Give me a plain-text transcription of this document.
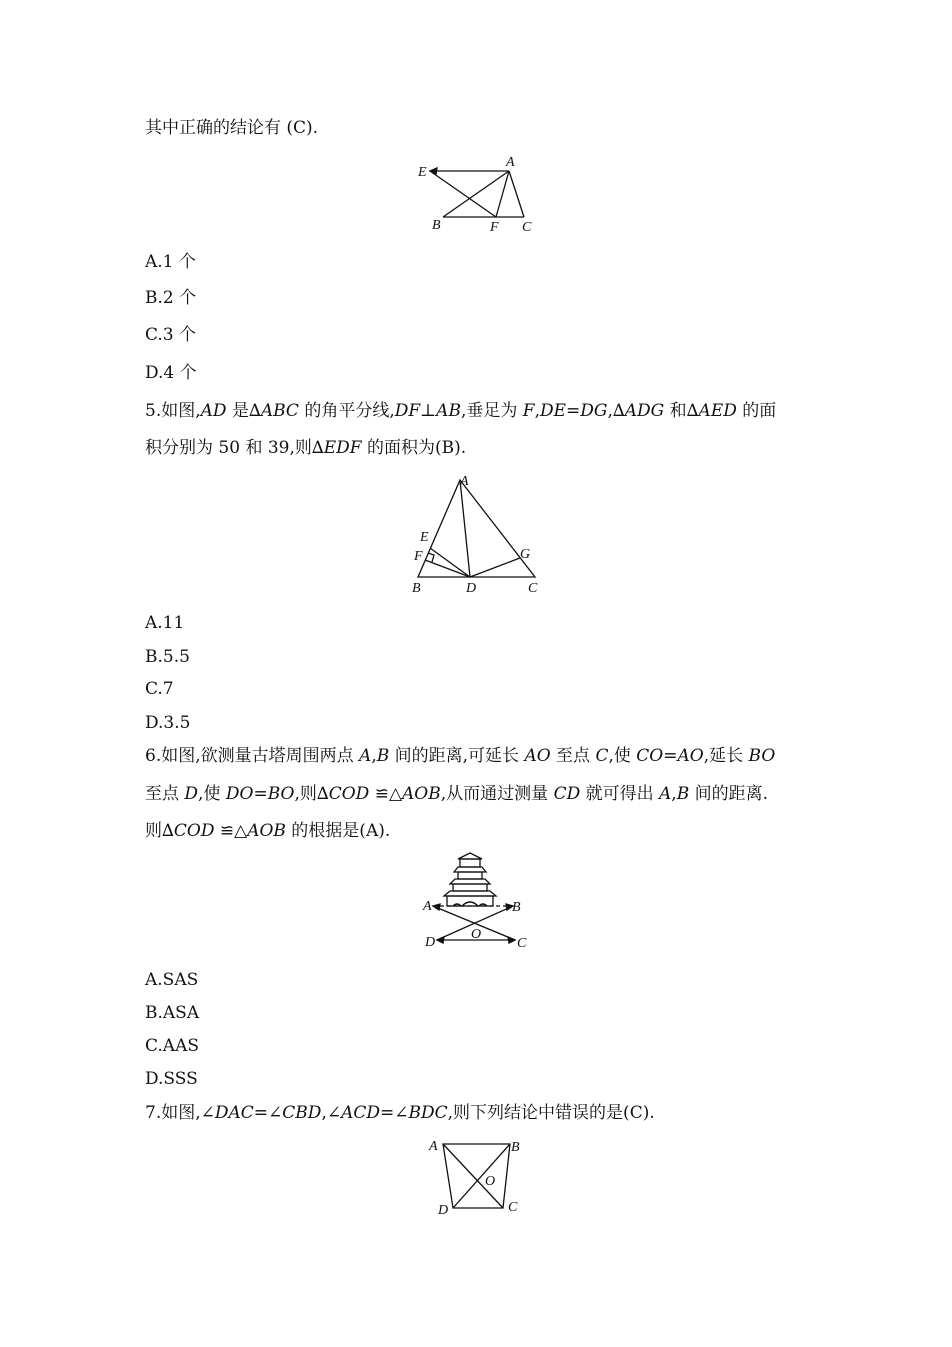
其中正确的结论有 (C).
E
A
B	F C
A.1 个
B.2 个
C.3 个
D.4 个
5.如图,AD 是∆ABC 的角平分线,DF⊥AB,垂足为 F,DE=DG,∆ADG 和∆AED 的面
积分别为 50 和 39,则∆EDF 的面积为(B).
A
E
F	G
B	D	C
A.11
B.5.5
C.7
D.3.5
6.如图,欲测量古塔周围两点 A,B 间的距离,可延长 AO 至点 C,使 CO=AO,延长 BO
至点 D,使 DO=BO,则∆COD ≌△AOB,从而通过测量 CD 就可得出 A,B 间的距离.
则∆COD ≌△AOB 的根据是(A).
A	B
O
D	C
A.SAS
B.ASA
C.AAS
D.SSS
7.如图,∠DAC=∠CBD,∠ACD=∠BDC,则下列结论中错误的是(C).
A	B
O
D	C
